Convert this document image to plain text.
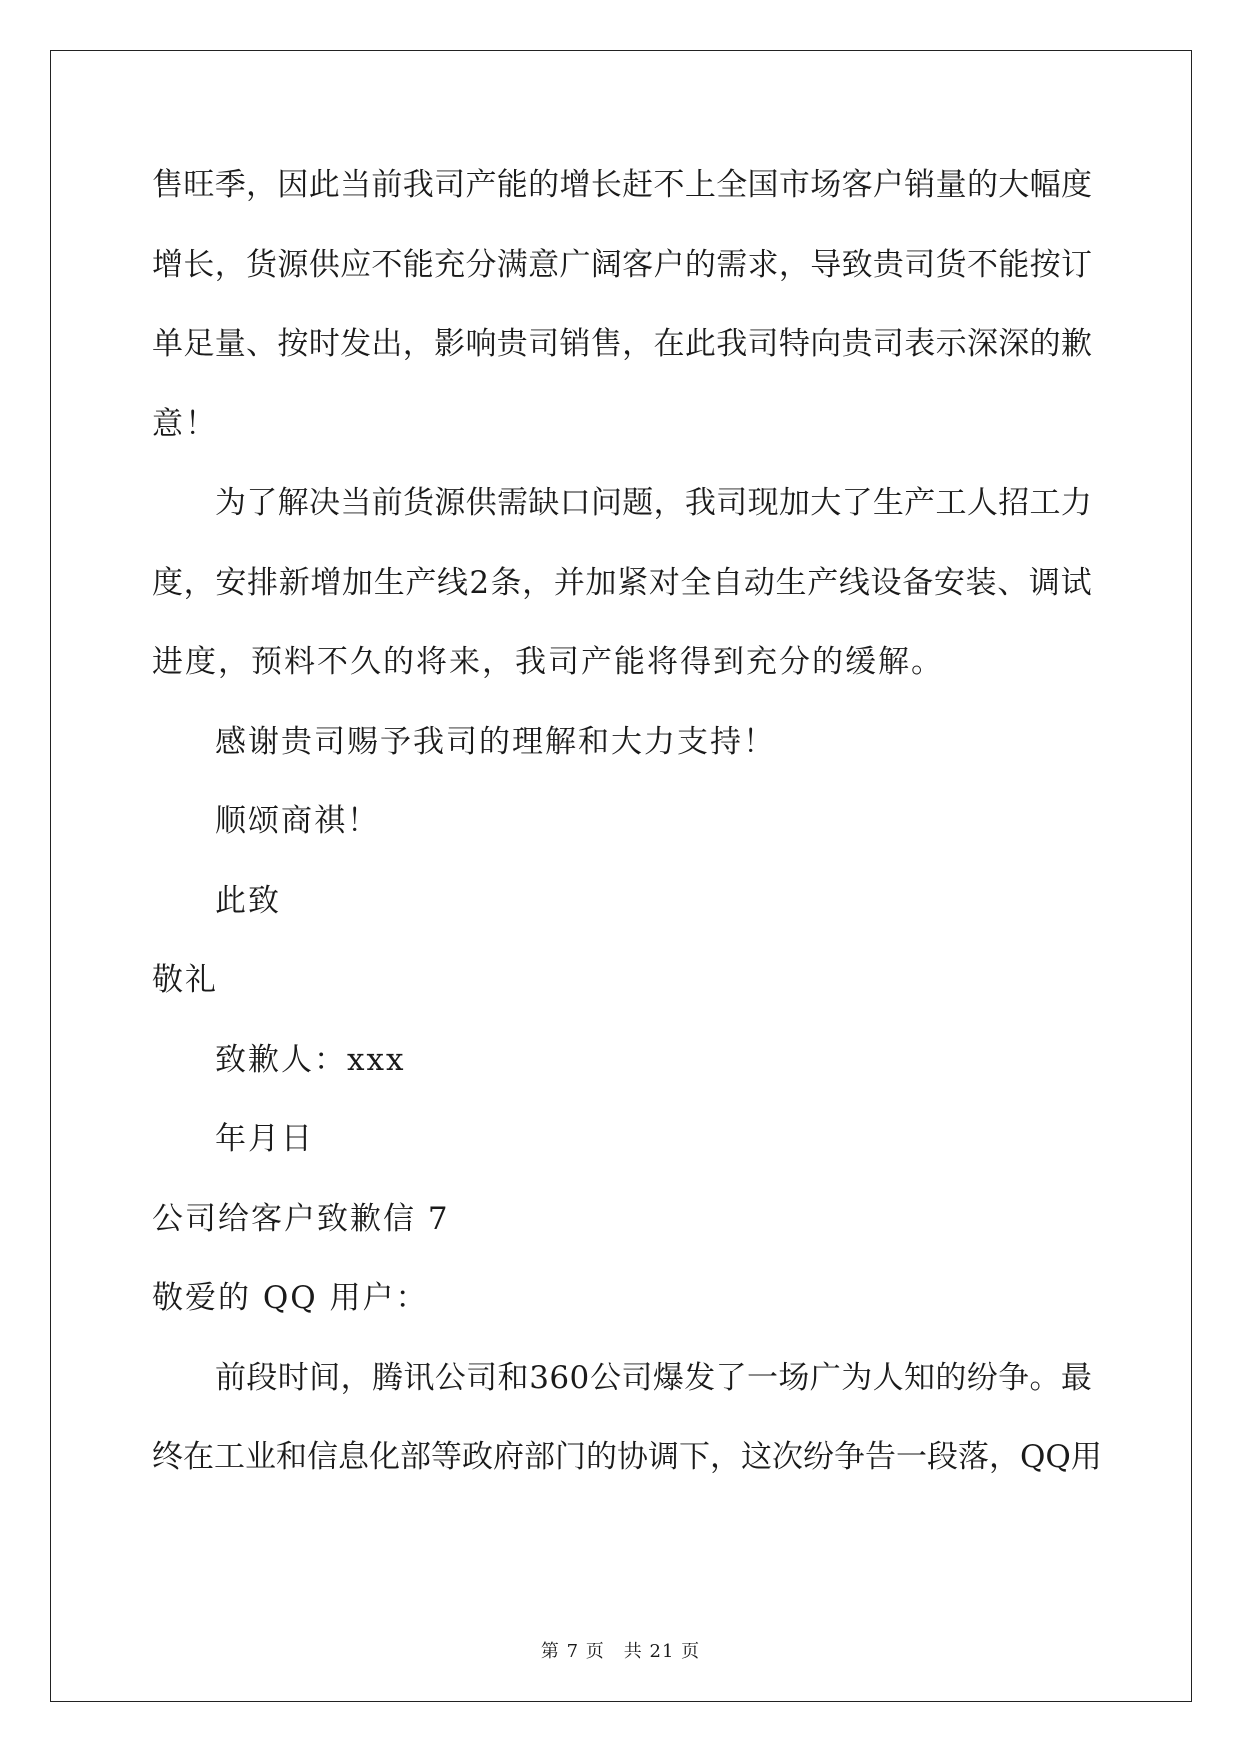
售 旺 季 ， 因 此 当 前 我 司 产 能 的 增 长 赶 不 上 全 国 市 场 客 户 销 量 的 大 幅 度
增 长 ， 货 源 供 应 不 能 充 分 满 意 广 阔 客 户 的 需 求 ， 导 致 贵 司 货 不 能 按 订
单 足 量 、 按 时 发 出 ， 影 响 贵 司 销 售 ， 在 此 我 司 特 向 贵 司 表 示 深 深 的 歉
意！
为 了 解 决 当 前 货 源 供 需 缺 口 问 题 ， 我 司 现 加 大 了 生 产 工 人 招 工 力
度 ， 安 排 新 增 加 生 产 线 2 条 ， 并 加 紧 对 全 自 动 生 产 线 设 备 安 装 、 调 试
进度，预料不久的将来，我司产能将得到充分的缓解。
感谢贵司赐予我司的理解和大力支持！
顺颂商祺！
此致
敬礼
致歉人：xxx
年月日
公司给客户致歉信 7
敬爱的 QQ 用户：
前 段 时 间 ， 腾 讯 公 司 和 3 6 0 公 司 爆 发 了 一 场 广 为 人 知 的 纷 争 。 最
终 在 工 业 和 信 息 化 部 等 政 府 部 门 的 协 调 下 ， 这 次 纷 争 告 一 段 落 ， Q Q 用
第 7 页　共 21 页
